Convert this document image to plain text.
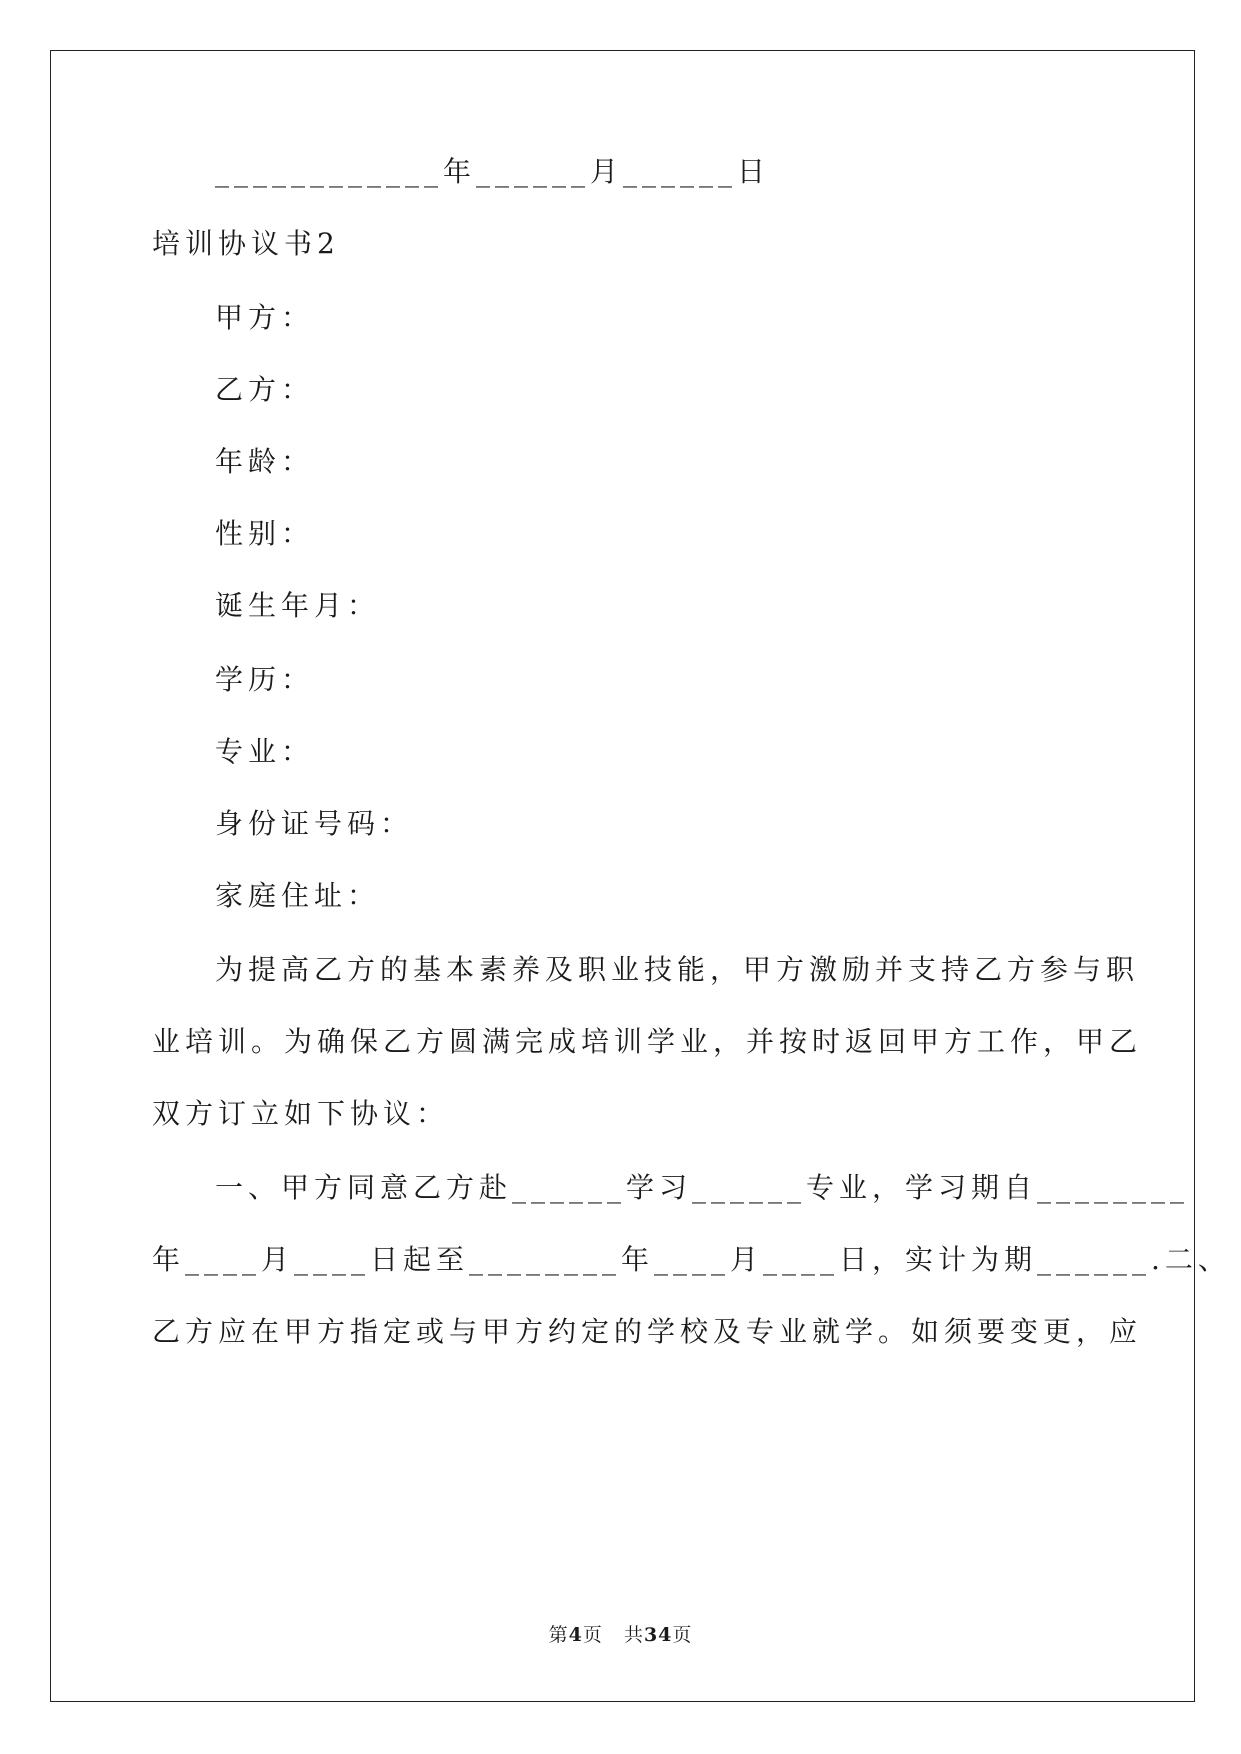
____________年______月______日
培训协议书2
甲方：
乙方：
年龄：
性别：
诞生年月：
学历：
专业：
身份证号码：
家庭住址：
为提高乙方的基本素养及职业技能，甲方激励并支持乙方参与职
业培训。为确保乙方圆满完成培训学业，并按时返回甲方工作，甲乙
双方订立如下协议：
一、甲方同意乙方赴______学习______专业，学习期自________
年____月____日起至________年____月____日，实计为期______.二、
乙方应在甲方指定或与甲方约定的学校及专业就学。如须要变更，应
第4页   共34页
